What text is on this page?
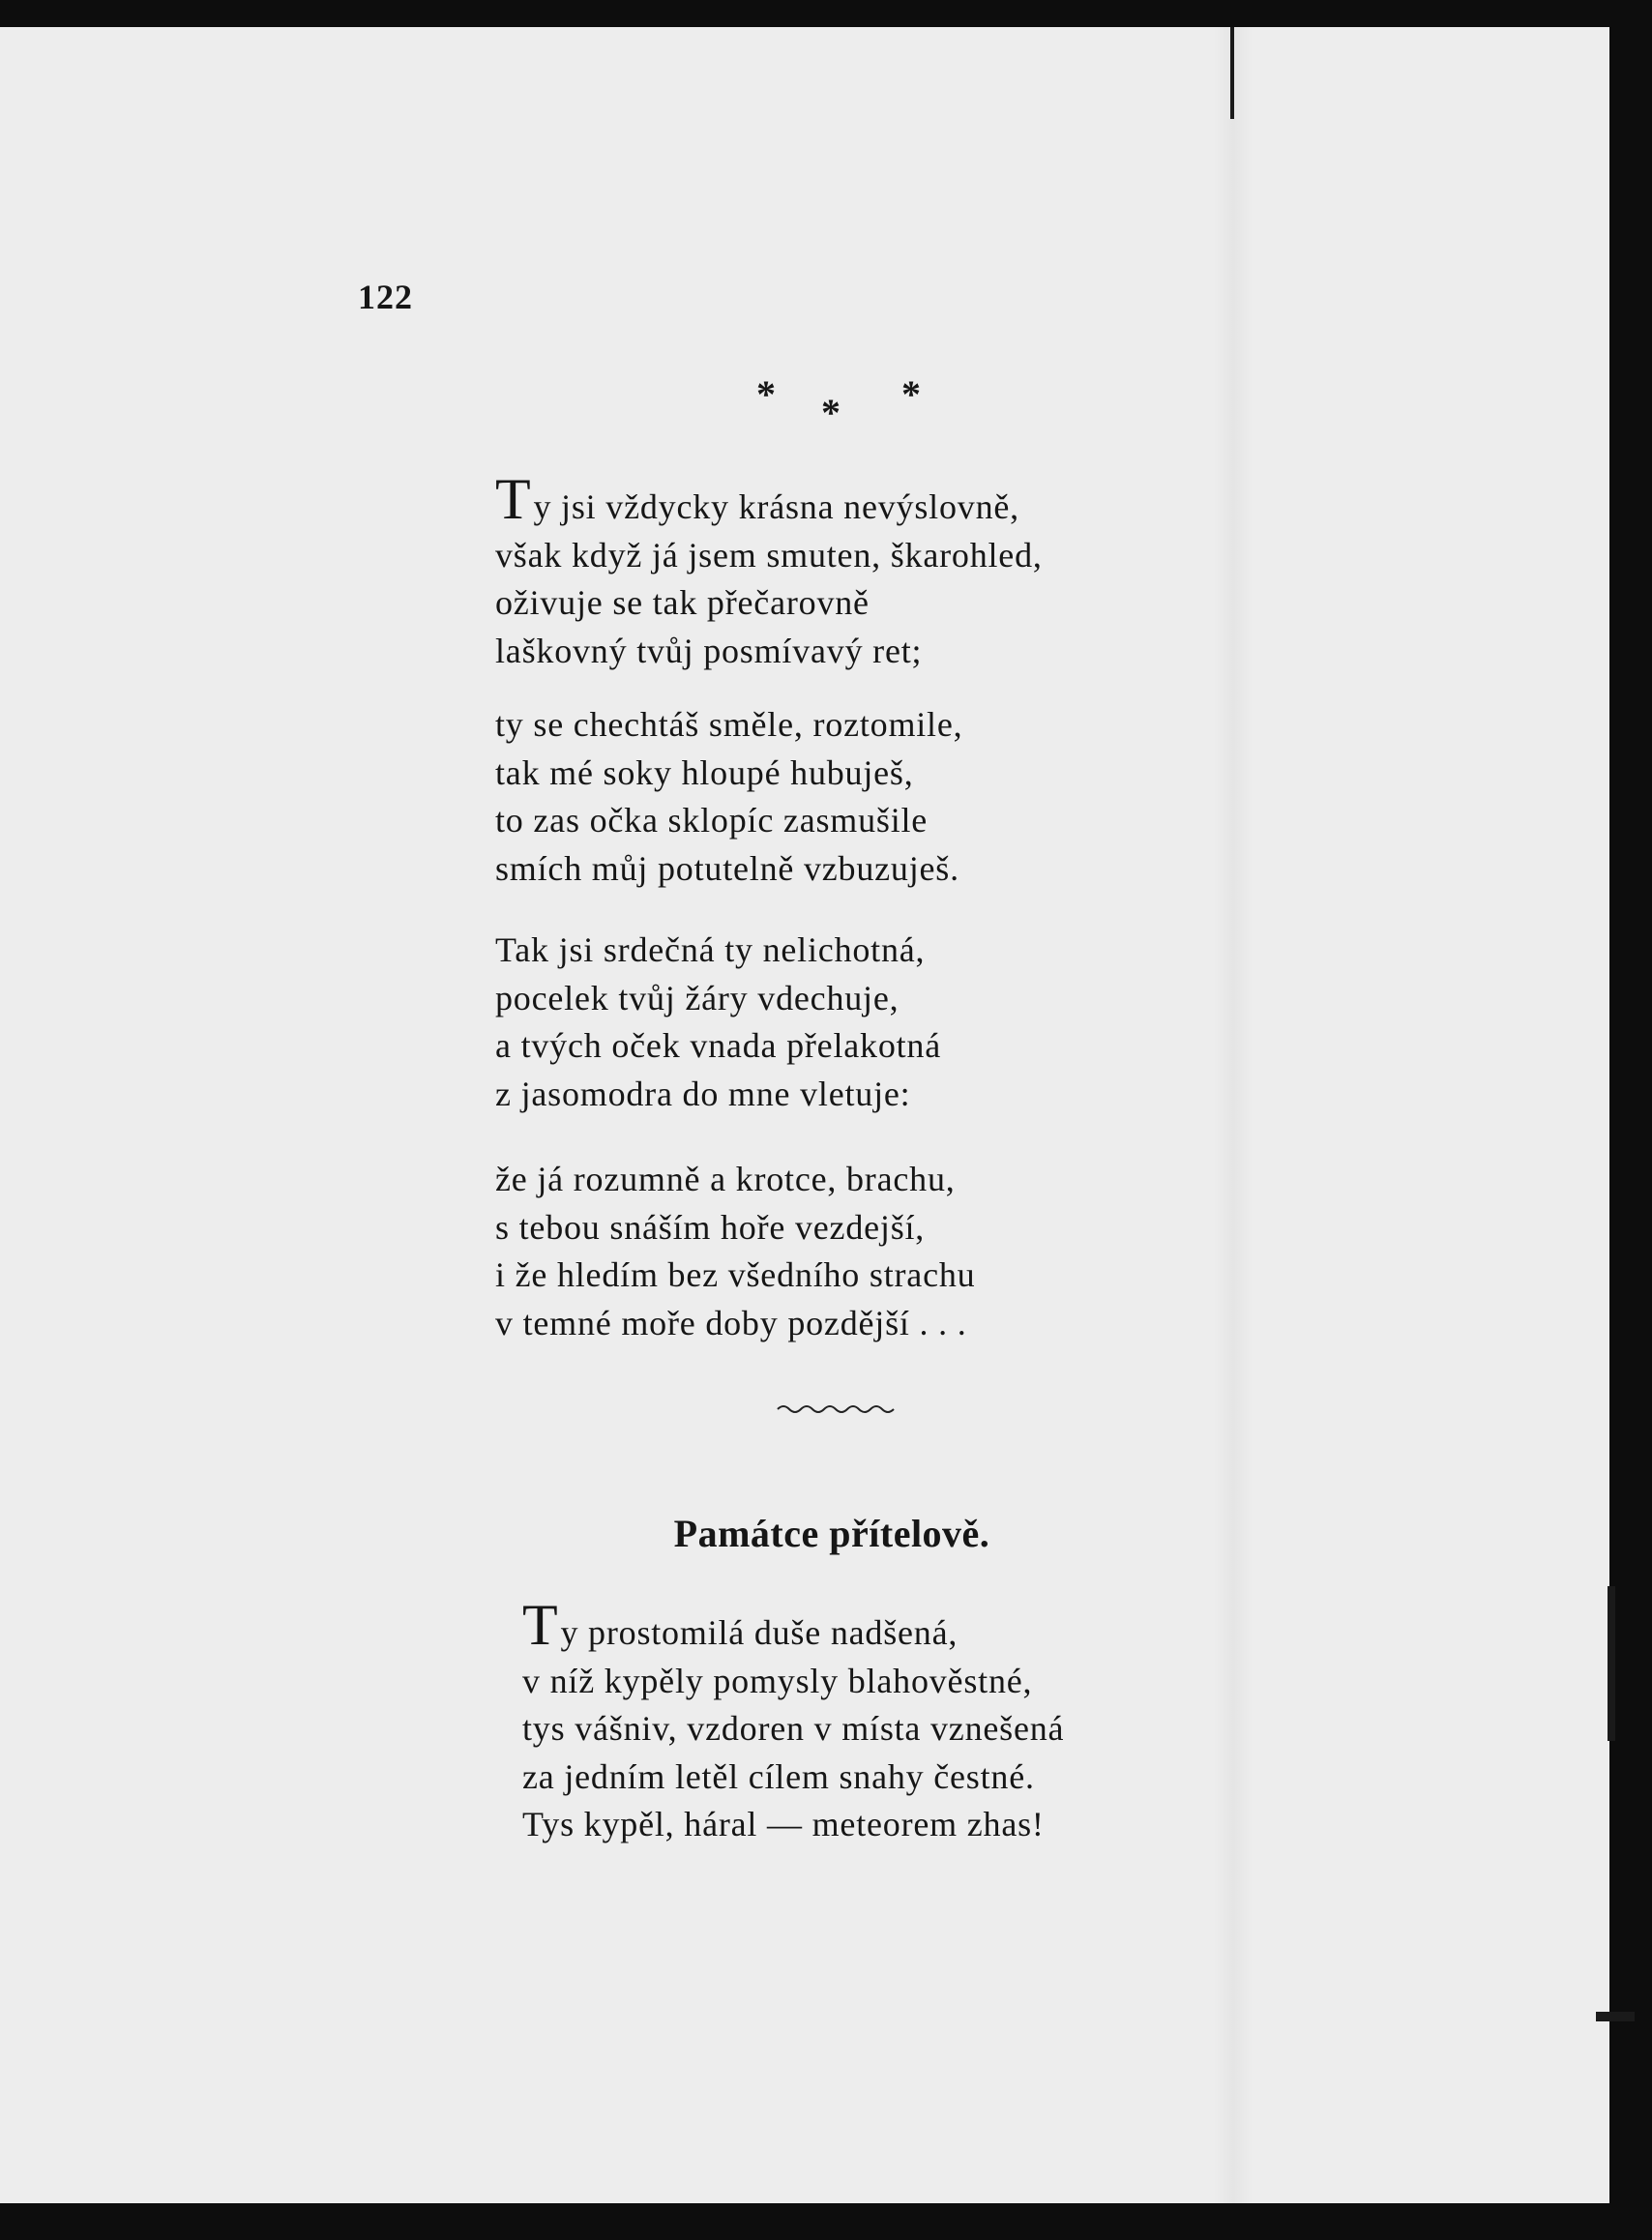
122
* * *
Ty jsi vždycky krásna nevýslovně,
však když já jsem smuten, škarohled,
oživuje se tak přečarovně
laškovný tvůj posmívavý ret;
ty se chechtáš směle, roztomile,
tak mé soky hloupé hubuješ,
to zas očka sklopíc zasmušile
smích můj potutelně vzbuzuješ.
Tak jsi srdečná ty nelichotná,
pocelek tvůj žáry vdechuje,
a tvých oček vnada přelakotná
z jasomodra do mne vletuje:
že já rozumně a krotce, brachu,
s tebou snáším hoře vezdejší,
i že hledím bez všedního strachu
v temné moře doby pozdější . . .
Památce přítelově.
Ty prostomilá duše nadšená,
v níž kypěly pomysly blahověstné,
tys vášniv, vzdoren v místa vznešená
za jedním letěl cílem snahy čestné.
Tys kypěl, háral — meteorem zhas!
